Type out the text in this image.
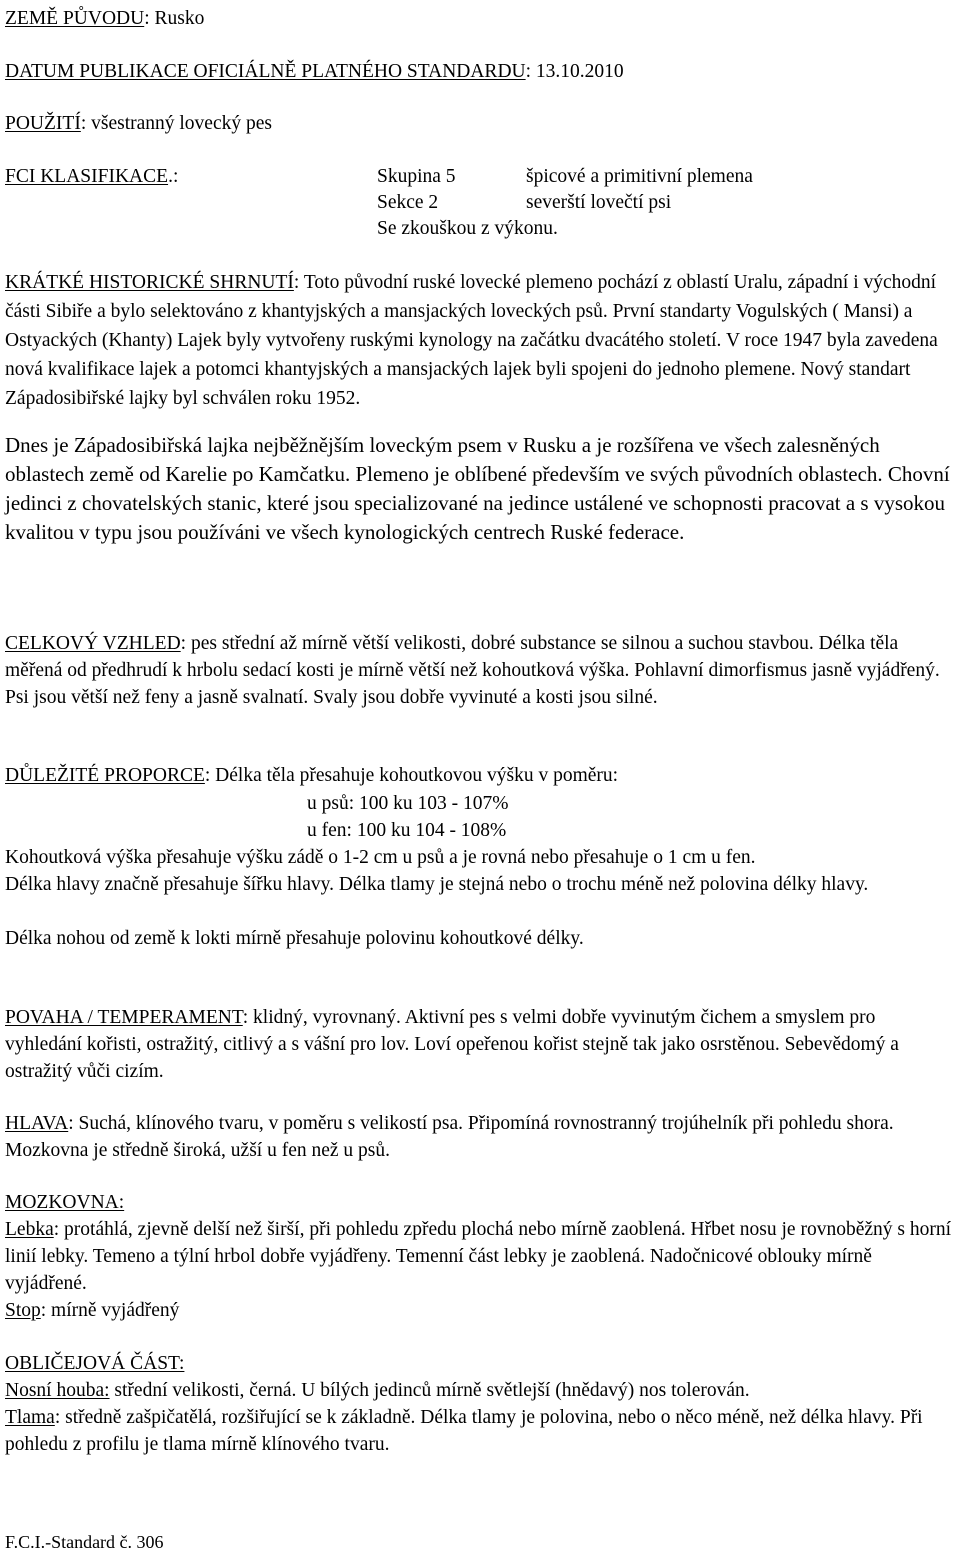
ZEMĚ PŮVODU: Rusko
DATUM PUBLIKACE OFICIÁLNĚ PLATNÉHO STANDARDU: 13.10.2010
POUŽITÍ: všestranný lovecký pes
FCI KLASIFIKACE.:	Skupina 5	špicové a primitivní plemena
Sekce 2	severští lovečtí psi
Se zkouškou z výkonu.
KRÁTKÉ HISTORICKÉ SHRNUTÍ: Toto původní ruské lovecké plemeno pochází z oblastí Uralu, západní i východní části Sibiře a bylo selektováno z khantyjských a mansjackých loveckých psů. První standarty Vogulských ( Mansi) a Ostyackých (Khanty) Lajek byly vytvořeny ruskými kynology na začátku dvacátého století. V roce 1947 byla zavedena nová kvalifikace lajek a potomci khantyjských a mansjackých lajek byli spojeni do jednoho plemene. Nový standart Západosibiřské lajky byl schválen roku 1952.
Dnes je Západosibiřská lajka nejběžnějším loveckým psem v Rusku a je rozšířena ve všech zalesněných oblastech země od Karelie po Kamčatku. Plemeno je oblíbené především ve svých původních oblastech. Chovní jedinci z chovatelských stanic, které jsou specializované na jedince ustálené ve schopnosti pracovat a s vysokou kvalitou v typu jsou používáni ve všech kynologických centrech Ruské federace.
CELKOVÝ VZHLED: pes střední až mírně větší velikosti, dobré substance se silnou a suchou stavbou. Délka těla měřená od předhrudí k hrbolu sedací kosti je mírně větší než kohoutková výška. Pohlavní dimorfismus jasně vyjádřený. Psi jsou větší než feny a jasně svalnatí. Svaly jsou dobře vyvinuté a kosti jsou silné.
DŮLEŽITÉ PROPORCE: Délka těla přesahuje kohoutkovou výšku v poměru:
u psů: 100 ku 103 - 107%
u fen: 100 ku 104 - 108%
Kohoutková výška přesahuje výšku zádě o 1-2 cm u psů a je rovná nebo přesahuje o 1 cm u fen.
Délka hlavy značně přesahuje šířku hlavy. Délka tlamy je stejná nebo o trochu méně než polovina délky hlavy.
Délka nohou od země k lokti mírně přesahuje polovinu kohoutkové délky.
POVAHA / TEMPERAMENT: klidný, vyrovnaný. Aktivní pes s velmi dobře vyvinutým čichem a smyslem pro vyhledání kořisti, ostražitý, citlivý a s vášní pro lov. Loví opeřenou kořist stejně tak jako osrstěnou. Sebevědomý a ostražitý vůči cizím.
HLAVA: Suchá, klínového tvaru, v poměru s velikostí psa. Připomíná rovnostranný trojúhelník při pohledu shora. Mozkovna je středně široká, užší u fen než u psů.
MOZKOVNA:
Lebka: protáhlá, zjevně delší než širší, při pohledu zpředu plochá nebo mírně zaoblená. Hřbet nosu je rovnoběžný s horní linií lebky. Temeno a týlní hrbol dobře vyjádřeny. Temenní část lebky je zaoblená. Nadočnicové oblouky mírně vyjádřené.
Stop: mírně vyjádřený
OBLIČEJOVÁ ČÁST:
Nosní houba: střední velikosti, černá. U bílých jedinců mírně světlejší (hnědavý) nos tolerován.
Tlama: středně zašpičatělá, rozšiřující se k základně. Délka tlamy je polovina, nebo o něco méně, než délka hlavy. Při pohledu z profilu je tlama mírně klínového tvaru.
F.C.I.-Standard č. 306
